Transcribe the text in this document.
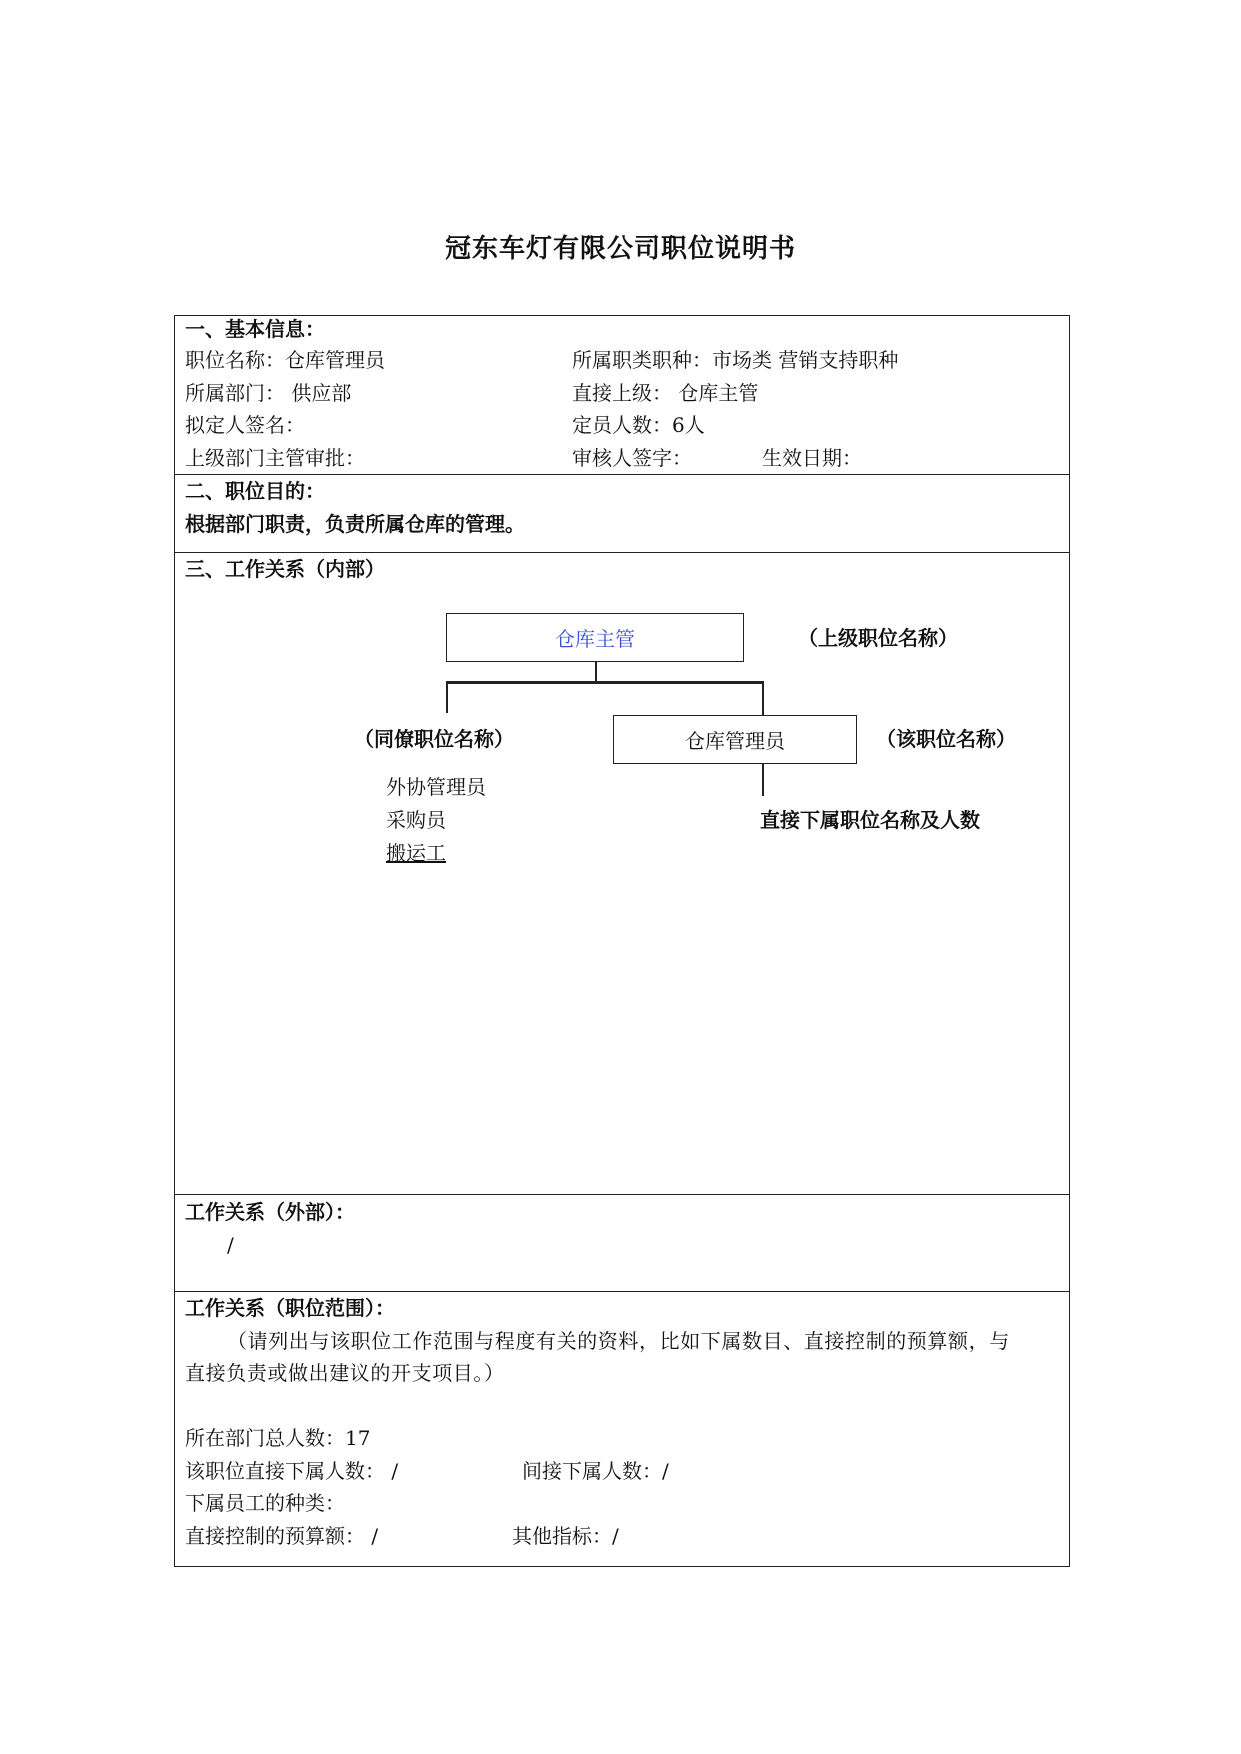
冠东车灯有限公司职位说明书
一、基本信息：
职位名称：仓库管理员	所属职类职种：市场类 营销支持职种
所属部门： 供应部	直接上级： 仓库主管
拟定人签名：	定员人数：6人
上级部门主管审批：	审核人签字：	生效日期：
二、职位目的：
根据部门职责，负责所属仓库的管理。
三、工作关系（内部）
仓库主管	（上级职位名称）
（同僚职位名称）	仓库管理员	（该职位名称）
外协管理员
采购员
搬运工
直接下属职位名称及人数
工作关系（外部）：
/
工作关系（职位范围）：
（请列出与该职位工作范围与程度有关的资料，比如下属数目、直接控制的预算额，与
直接负责或做出建议的开支项目。）
所在部门总人数：17
该职位直接下属人数： /	间接下属人数：/
下属员工的种类：
直接控制的预算额： /	其他指标：/
